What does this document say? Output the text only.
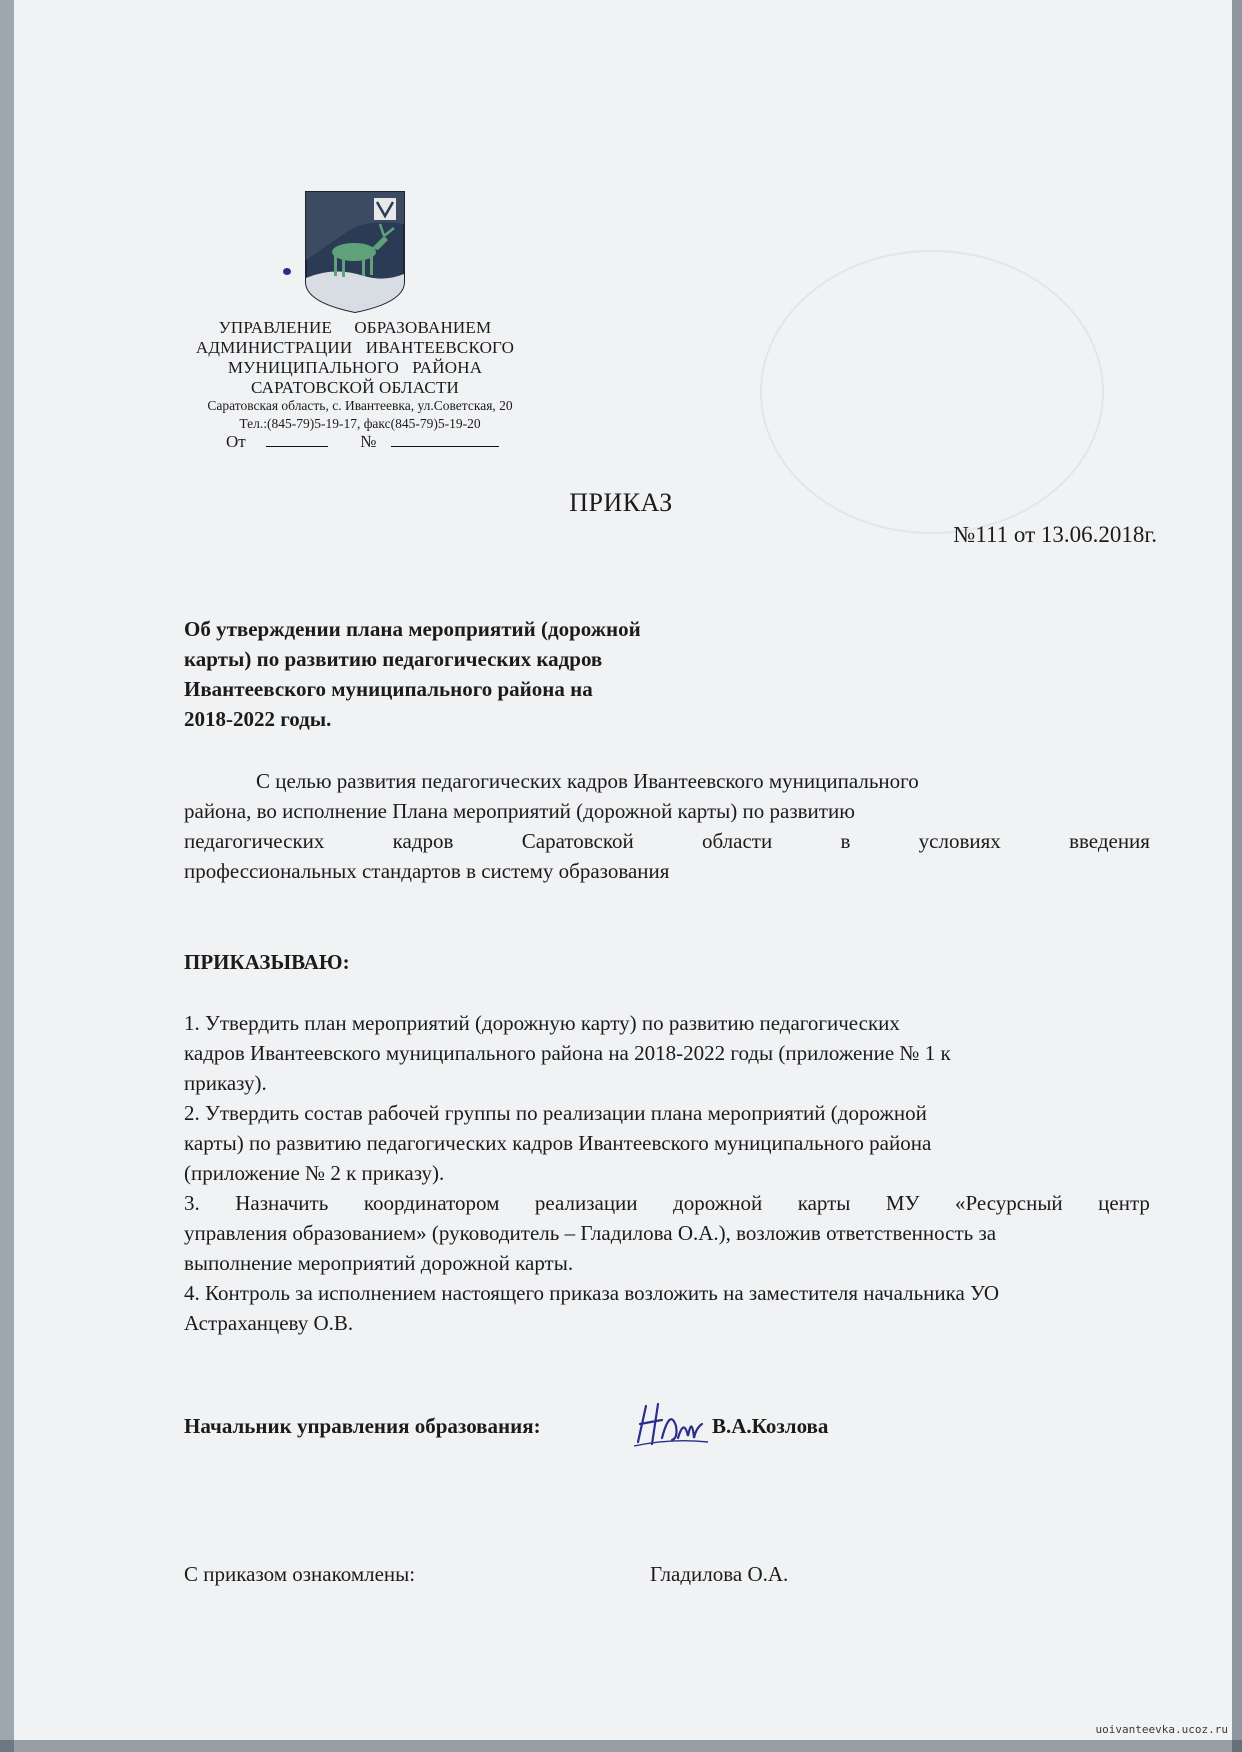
УПРАВЛЕНИЕ     ОБРАЗОВАНИЕМ
АДМИНИСТРАЦИИ   ИВАНТЕЕВСКОГО
МУНИЦИПАЛЬНОГО   РАЙОНА
САРАТОВСКОЙ ОБЛАСТИ
Саратовская область, с. Ивантеевка, ул.Советская, 20
Тел.:(845-79)5-19-17, факс(845-79)5-19-20
От	№
ПРИКАЗ
№111 от 13.06.2018г.
Об утверждении плана мероприятий (дорожной
карты) по развитию педагогических кадров
Ивантеевского муниципального района на
2018-2022 годы.
С целью развития педагогических кадров Ивантеевского муниципального
района, во исполнение Плана мероприятий (дорожной карты) по развитию
педагогических	кадров	Саратовской	области	в	условиях	введения
профессиональных стандартов в систему образования
ПРИКАЗЫВАЮ:
1. Утвердить план мероприятий (дорожную карту) по развитию педагогических
кадров Ивантеевского муниципального района на 2018-2022 годы (приложение № 1 к
приказу).
2. Утвердить состав рабочей группы по реализации плана мероприятий (дорожной
карты) по развитию педагогических кадров Ивантеевского муниципального района
(приложение № 2 к приказу).
3. Назначить координатором реализации дорожной карты МУ «Ресурсный центр
управления образованием» (руководитель – Гладилова О.А.), возложив ответственность за
выполнение мероприятий дорожной карты.
4. Контроль за исполнением настоящего приказа возложить на заместителя начальника УО
Астраханцеву О.В.
Начальник управления образования:	В.А.Козлова
С приказом ознакомлены:	Гладилова О.А.
uoivanteevka.ucoz.ru
